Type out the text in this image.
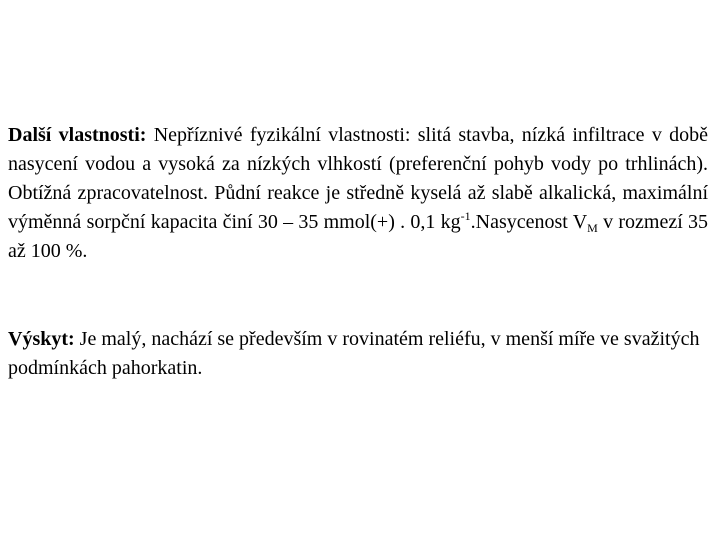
Další vlastnosti: Nepříznivé fyzikální vlastnosti: slitá stavba, nízká infiltrace v době nasycení vodou a vysoká za nízkých vlhkostí (preferenční pohyb vody po trhlinách). Obtížná zpracovatelnost. Půdní reakce je středně kyselá až slabě alkalická, maximální výměnná sorpční kapacita činí 30 – 35 mmol(+) . 0,1 $kg^{-1}.Nasycenost$ $V_M$ v rozmezí 35 až 100 %.

Výskyt: Je malý, nachází se především v rovinatém reliéfu, v menší míře ve svažitých podmínkách pahorkatin.
